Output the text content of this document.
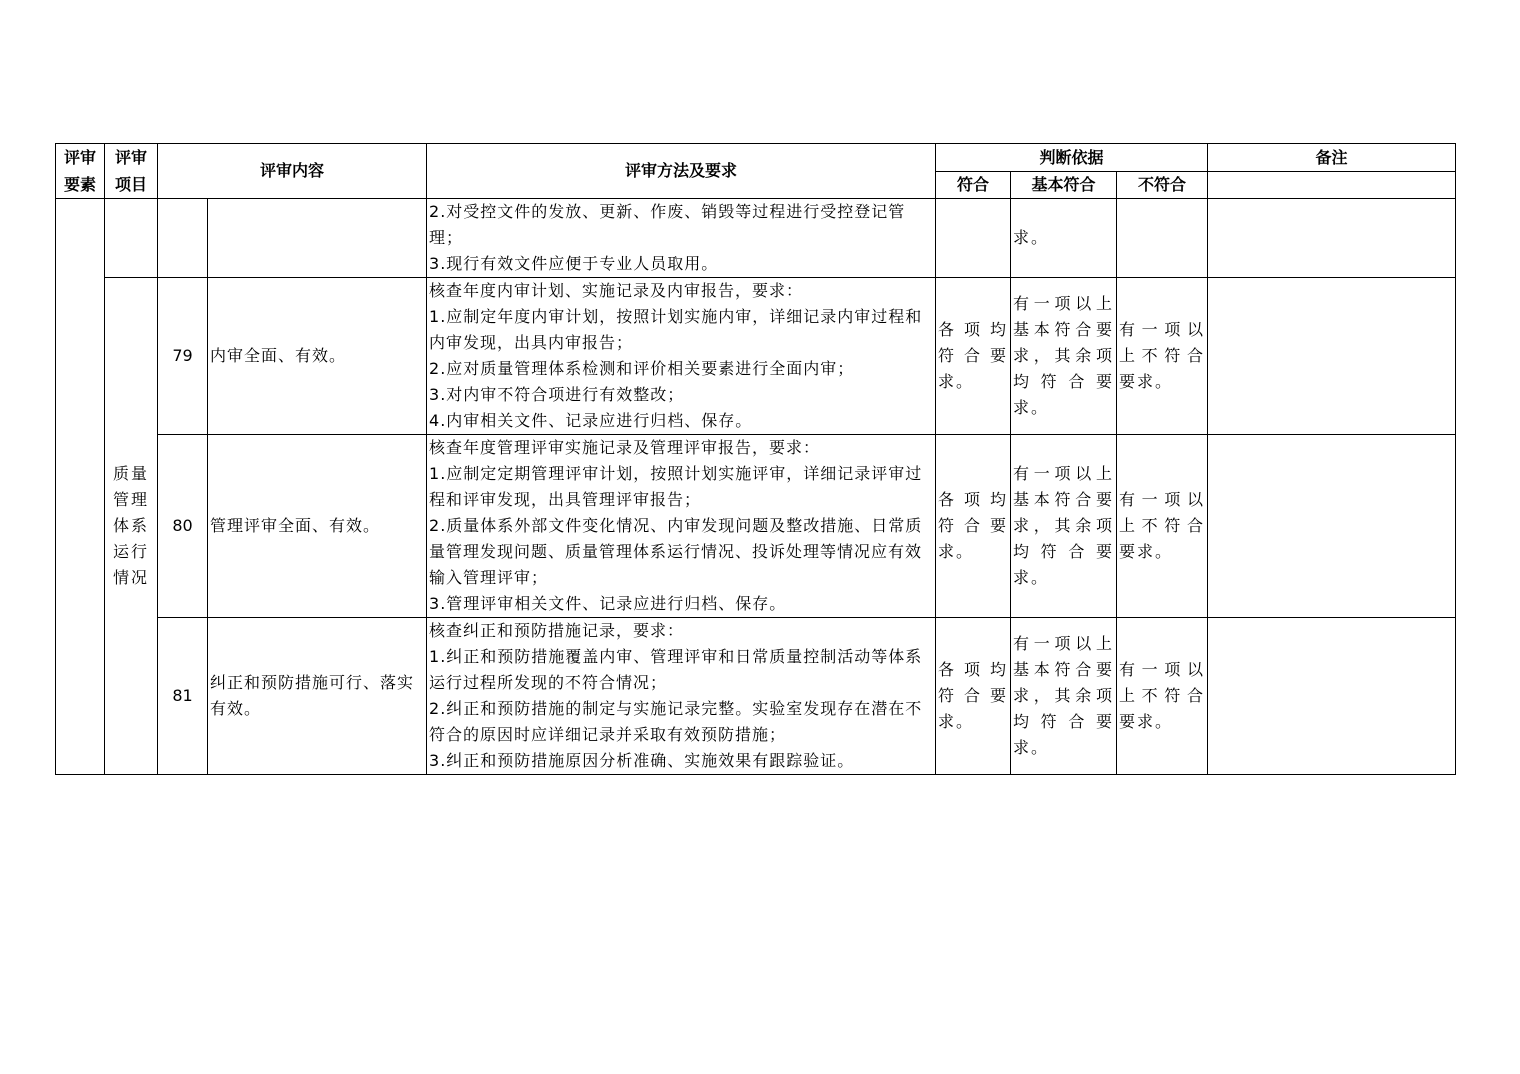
评审要素	评审项目	评审内容		评审方法及要求	判断依据			备注
					符合	基本符合	不符合	

				2.对受控文件的发放、更新、作废、销毁等过程进行受控登记管理；
3.现行有效文件应便于专业人员取用。		求。		

	质量管理体系运行情况	79	内审全面、有效。	核查年度内审计划、实施记录及内审报告，要求：
1.应制定年度内审计划，按照计划实施内审，详细记录内审过程和内审发现，出具内审报告；
2.应对质量管理体系检测和评价相关要素进行全面内审；
3.对内审不符合项进行有效整改；
4.内审相关文件、记录应进行归档、保存。	各项均符合要求。	有一项以上基本符合要求，其余项均符合要求。	有一项以上不符合要求。	
		80	管理评审全面、有效。	核查年度管理评审实施记录及管理评审报告，要求：
1.应制定定期管理评审计划，按照计划实施评审，详细记录评审过程和评审发现，出具管理评审报告；
2.质量体系外部文件变化情况、内审发现问题及整改措施、日常质量管理发现问题、质量管理体系运行情况、投诉处理等情况应有效输入管理评审；
3.管理评审相关文件、记录应进行归档、保存。	各项均符合要求。	有一项以上基本符合要求，其余项均符合要求。	有一项以上不符合要求。	
		81	纠正和预防措施可行、落实有效。	核查纠正和预防措施记录，要求：
1.纠正和预防措施覆盖内审、管理评审和日常质量控制活动等体系运行过程所发现的不符合情况；
2.纠正和预防措施的制定与实施记录完整。实验室发现存在潜在不符合的原因时应详细记录并采取有效预防措施；
3.纠正和预防措施原因分析准确、实施效果有跟踪验证。	各项均符合要求。	有一项以上基本符合要求，其余项均符合要求。	有一项以上不符合要求。	
